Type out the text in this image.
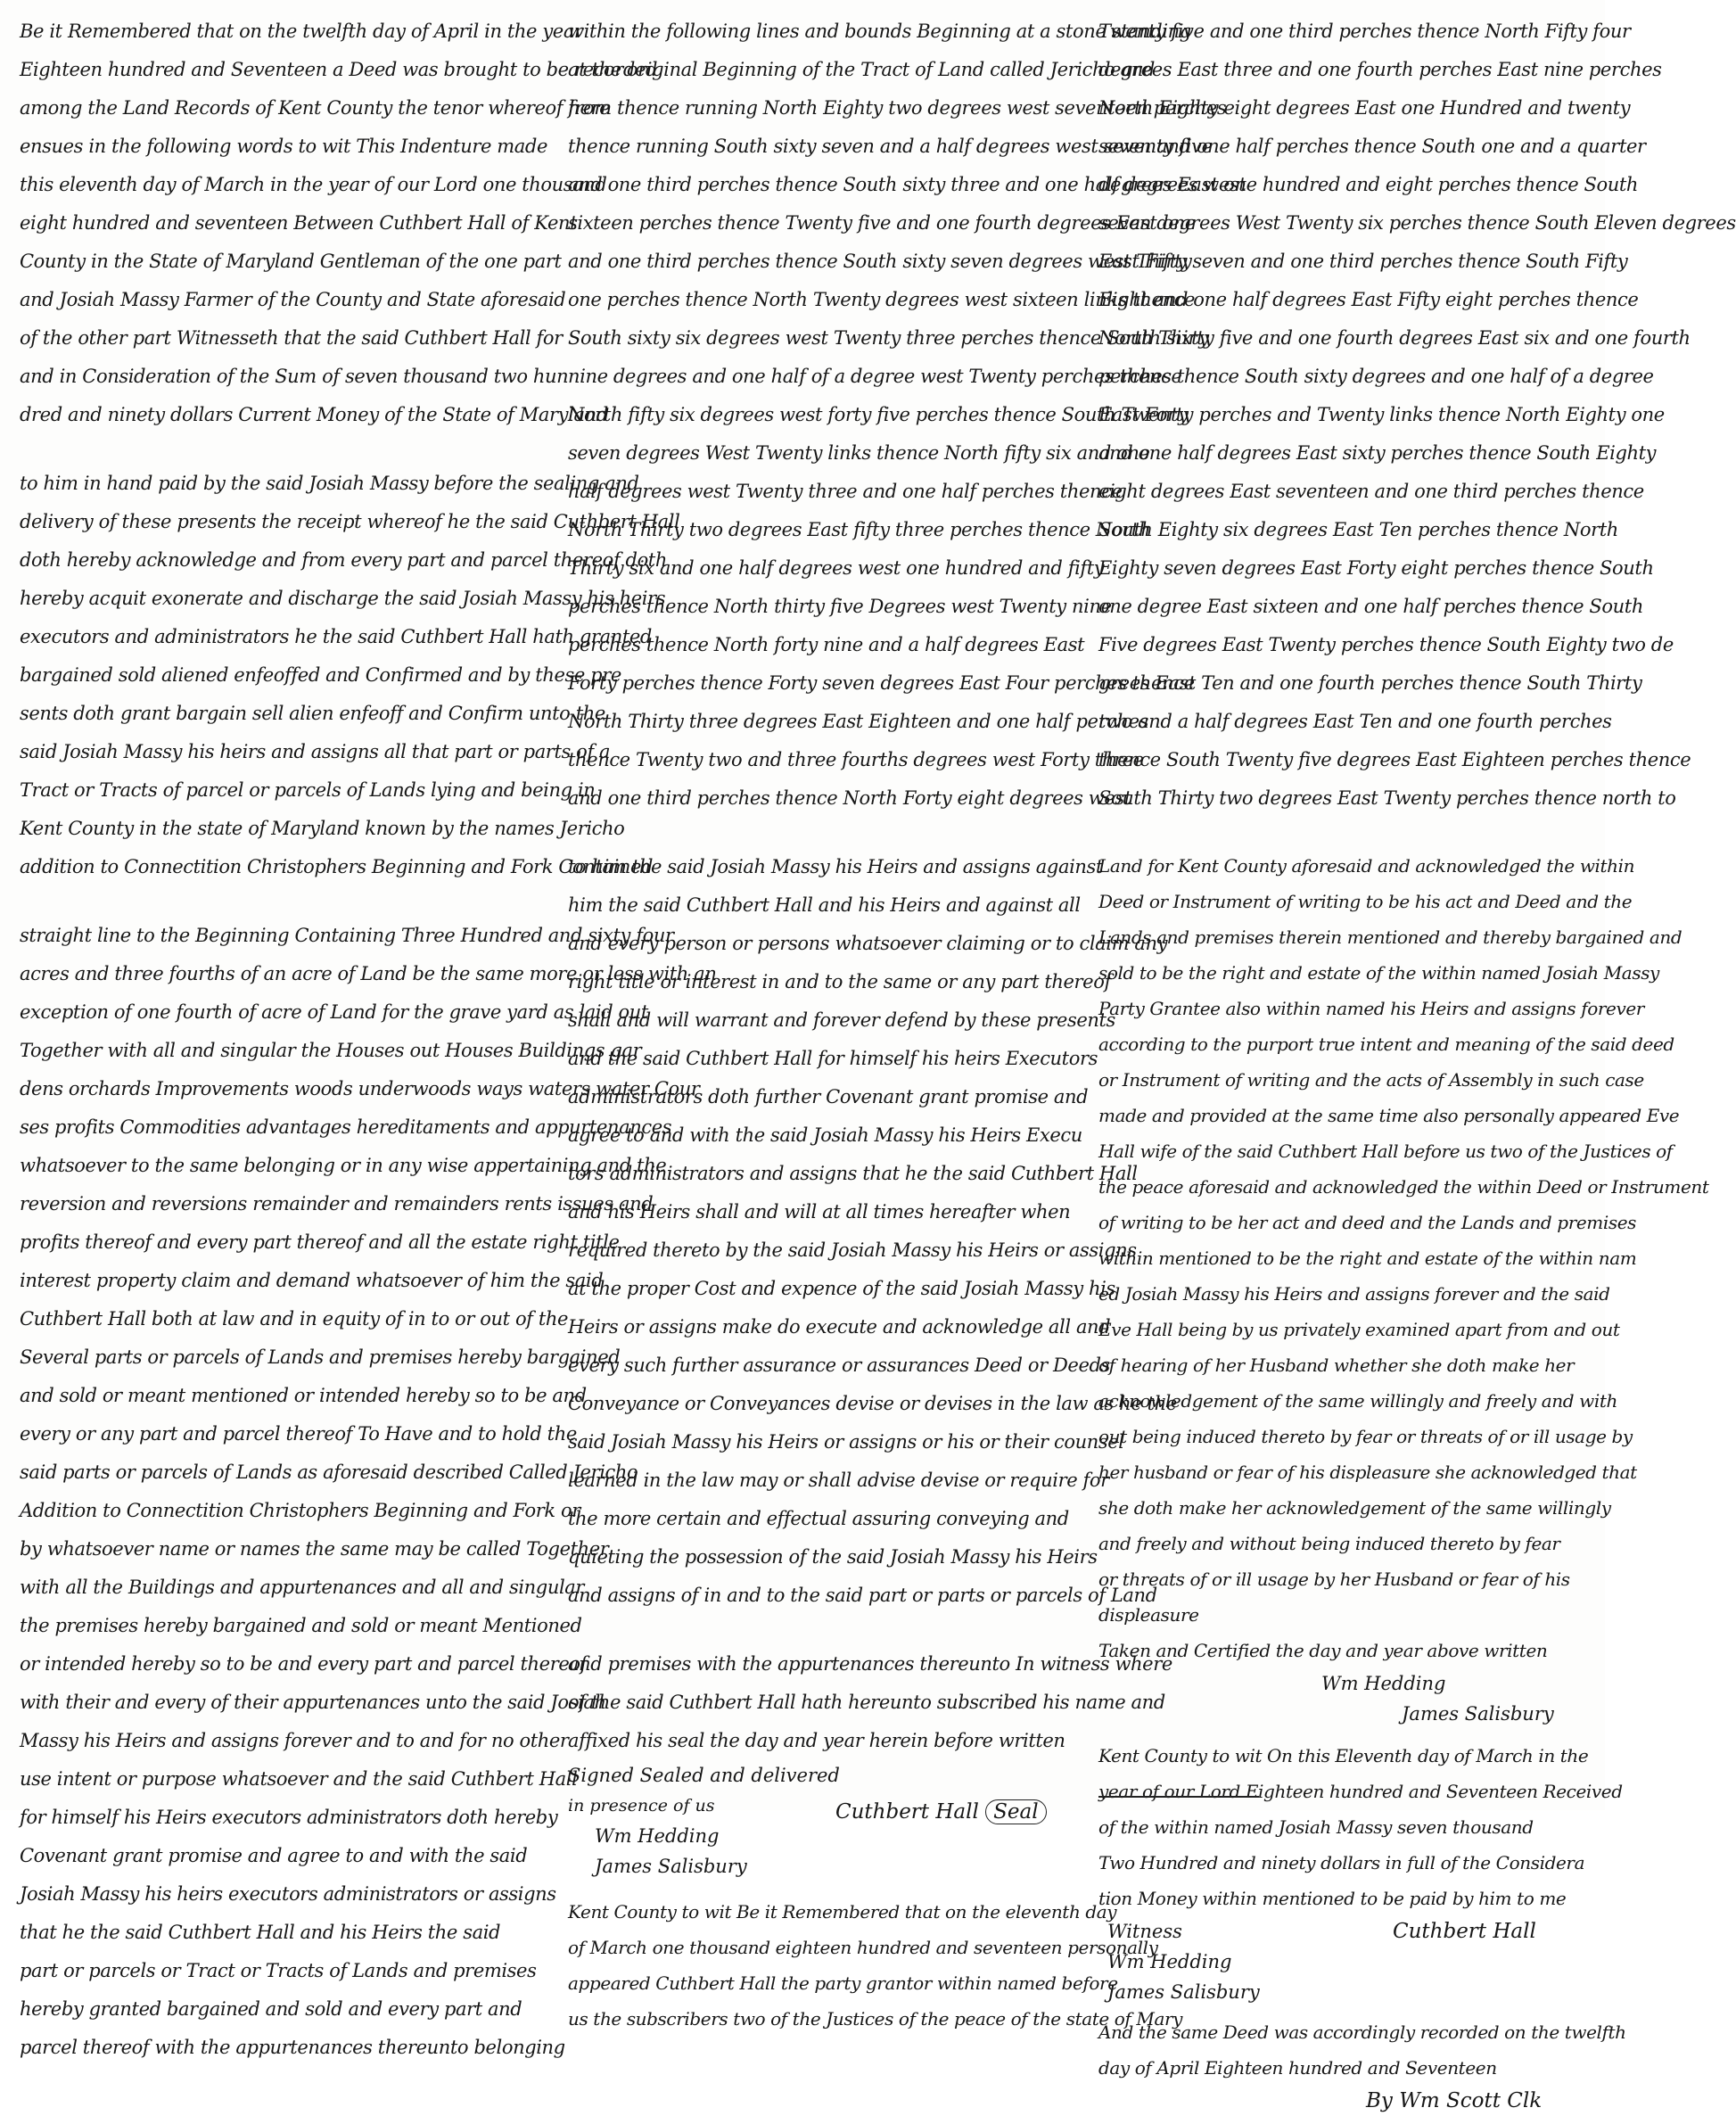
Be it Remembered that on the twelfth day of April in the year
Eighteen hundred and Seventeen a Deed was brought to be recorded
among the Land Records of Kent County the tenor whereof here
ensues in the following words to wit This Indenture made
this eleventh day of March in the year of our Lord one thousand
eight hundred and seventeen Between Cuthbert Hall of Kent
County in the State of Maryland Gentleman of the one part
and Josiah Massy Farmer of the County and State aforesaid
of the other part Witnesseth that the said Cuthbert Hall for
and in Consideration of the Sum of seven thousand two hun
dred and ninety dollars Current Money of the State of Maryland
to him in hand paid by the said Josiah Massy before the sealing and
delivery of these presents the receipt whereof he the said Cuthbert Hall
doth hereby acknowledge and from every part and parcel thereof doth
hereby acquit exonerate and discharge the said Josiah Massy his heirs
executors and administrators he the said Cuthbert Hall hath granted
bargained sold aliened enfeoffed and Confirmed and by these pre
sents doth grant bargain sell alien enfeoff and Confirm unto the
said Josiah Massy his heirs and assigns all that part or parts of a
Tract or Tracts of parcel or parcels of Lands lying and being in
Kent County in the state of Maryland known by the names Jericho
addition to Connectition Christophers Beginning and Fork Contained
straight line to the Beginning Containing Three Hundred and sixty four
acres and three fourths of an acre of Land be the same more or less with an
exception of one fourth of acre of Land for the grave yard as laid out
Together with all and singular the Houses out Houses Buildings gar
dens orchards Improvements woods underwoods ways waters water Cour
ses profits Commodities advantages hereditaments and appurtenances
whatsoever to the same belonging or in any wise appertaining and the
reversion and reversions remainder and remainders rents issues and
profits thereof and every part thereof and all the estate right title
interest property claim and demand whatsoever of him the said
Cuthbert Hall both at law and in equity of in to or out of the
Several parts or parcels of Lands and premises hereby bargained
and sold or meant mentioned or intended hereby so to be and
every or any part and parcel thereof To Have and to hold the
said parts or parcels of Lands as aforesaid described Called Jericho
Addition to Connectition Christophers Beginning and Fork or
by whatsoever name or names the same may be called Together
with all the Buildings and appurtenances and all and singular
the premises hereby bargained and sold or meant Mentioned
or intended hereby so to be and every part and parcel thereof
with their and every of their appurtenances unto the said Josiah
Massy his Heirs and assigns forever and to and for no other
use intent or purpose whatsoever and the said Cuthbert Hall
for himself his Heirs executors administrators doth hereby
Covenant grant promise and agree to and with the said
Josiah Massy his heirs executors administrators or assigns
that he the said Cuthbert Hall and his Heirs the said
part or parcels or Tract or Tracts of Lands and premises
hereby granted bargained and sold and every part and
parcel thereof with the appurtenances thereunto belonging
within the following lines and bounds Beginning at a stone standing
at the original Beginning of the Tract of Land called Jericho and
from thence running North Eighty two degrees west seventeen perches
thence running South sixty seven and a half degrees west seventy five
and one third perches thence South sixty three and one half degrees west
sixteen perches thence Twenty five and one fourth degrees East one
and one third perches thence South sixty seven degrees west Thirty
one perches thence North Twenty degrees west sixteen links thence
South sixty six degrees west Twenty three perches thence South sixty
nine degrees and one half of a degree west Twenty perches thence
North fifty six degrees west forty five perches thence South Twenty
seven degrees West Twenty links thence North fifty six and one
half degrees west Twenty three and one half perches thence
North Thirty two degrees East fifty three perches thence North
Thirty six and one half degrees west one hundred and fifty
perches thence North thirty five Degrees west Twenty nine
perches thence North forty nine and a half degrees East
Forty perches thence Forty seven degrees East Four perches thence
North Thirty three degrees East Eighteen and one half perches
thence Twenty two and three fourths degrees west Forty three
and one third perches thence North Forty eight degrees west
to him the said Josiah Massy his Heirs and assigns against
him the said Cuthbert Hall and his Heirs and against all
and every person or persons whatsoever claiming or to claim any
right title or interest in and to the same or any part thereof
shall and will warrant and forever defend by these presents
and the said Cuthbert Hall for himself his heirs Executors
administrators doth further Covenant grant promise and
agree to and with the said Josiah Massy his Heirs Execu
tors administrators and assigns that he the said Cuthbert Hall
and his Heirs shall and will at all times hereafter when
required thereto by the said Josiah Massy his Heirs or assigns
at the proper Cost and expence of the said Josiah Massy his
Heirs or assigns make do execute and acknowledge all and
every such further assurance or assurances Deed or Deeds
Conveyance or Conveyances devise or devises in the law as he the
said Josiah Massy his Heirs or assigns or his or their counsel
learned in the law may or shall advise devise or require for
the more certain and effectual assuring conveying and
quieting the possession of the said Josiah Massy his Heirs
and assigns of in and to the said part or parts or parcels of Land
and premises with the appurtenances thereunto In witness where
of the said Cuthbert Hall hath hereunto subscribed his name and
affixed his seal the day and year herein before written
Signed Sealed and delivered
in presence of us
Wm Hedding
James Salisbury
Cuthbert Hall Seal
Kent County to wit Be it Remembered that on the eleventh day
of March one thousand eighteen hundred and seventeen personally
appeared Cuthbert Hall the party grantor within named before
us the subscribers two of the Justices of the peace of the state of Mary
Twenty five and one third perches thence North Fifty four
degrees East three and one fourth perches East nine perches
North Eighty eight degrees East one Hundred and twenty
seven and one half perches thence South one and a quarter
degrees East one hundred and eight perches thence South
seven degrees West Twenty six perches thence South Eleven degrees
East Fifty seven and one third perches thence South Fifty
Eight and one half degrees East Fifty eight perches thence
North Thirty five and one fourth degrees East six and one fourth
perches thence South sixty degrees and one half of a degree
East Forty perches and Twenty links thence North Eighty one
and one half degrees East sixty perches thence South Eighty
eight degrees East seventeen and one third perches thence
South Eighty six degrees East Ten perches thence North
Eighty seven degrees East Forty eight perches thence South
one degree East sixteen and one half perches thence South
Five degrees East Twenty perches thence South Eighty two de
grees East Ten and one fourth perches thence South Thirty
two and a half degrees East Ten and one fourth perches
thence South Twenty five degrees East Eighteen perches thence
South Thirty two degrees East Twenty perches thence north to
Land for Kent County aforesaid and acknowledged the within
Deed or Instrument of writing to be his act and Deed and the
Lands and premises therein mentioned and thereby bargained and
sold to be the right and estate of the within named Josiah Massy
Party Grantee also within named his Heirs and assigns forever
according to the purport true intent and meaning of the said deed
or Instrument of writing and the acts of Assembly in such case
made and provided at the same time also personally appeared Eve
Hall wife of the said Cuthbert Hall before us two of the Justices of
the peace aforesaid and acknowledged the within Deed or Instrument
of writing to be her act and deed and the Lands and premises
within mentioned to be the right and estate of the within nam
ed Josiah Massy his Heirs and assigns forever and the said
Eve Hall being by us privately examined apart from and out
of hearing of her Husband whether she doth make her
acknowledgement of the same willingly and freely and with
out being induced thereto by fear or threats of or ill usage by
her husband or fear of his displeasure she acknowledged that
she doth make her acknowledgement of the same willingly
and freely and without being induced thereto by fear
or threats of or ill usage by her Husband or fear of his
displeasure
Taken and Certified the day and year above written
Wm Hedding
James Salisbury
Kent County to wit On this Eleventh day of March in the
year of our Lord Eighteen hundred and Seventeen Received
of the within named Josiah Massy seven thousand
Two Hundred and ninety dollars in full of the Considera
tion Money within mentioned to be paid by him to me
Witness	Cuthbert Hall
Wm Hedding
James Salisbury
And the same Deed was accordingly recorded on the twelfth
day of April Eighteen hundred and Seventeen
By Wm Scott Clk
